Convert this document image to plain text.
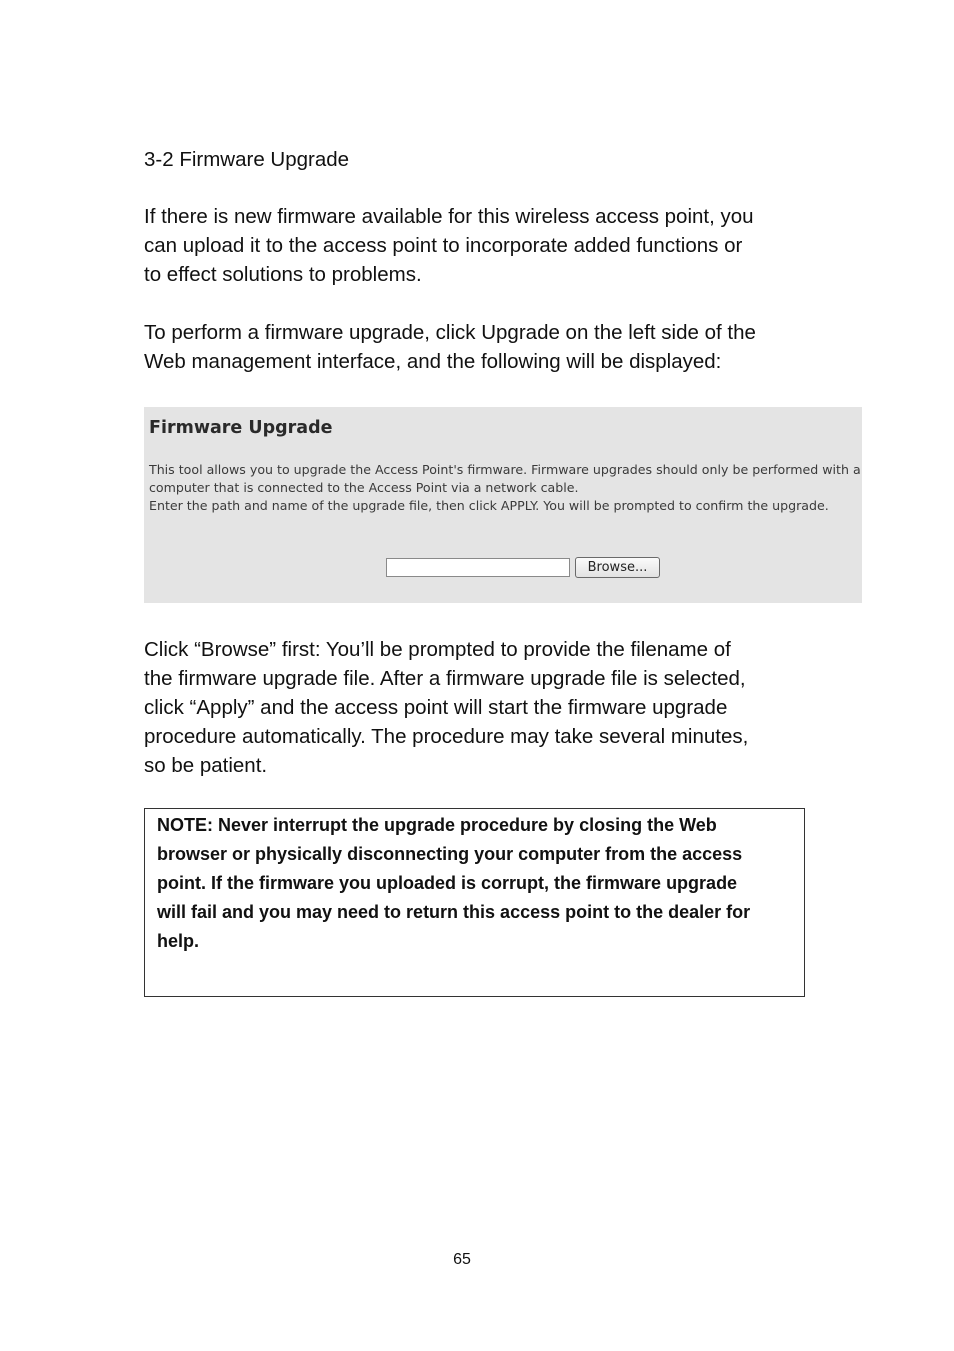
3-2 Firmware Upgrade

If there is new firmware available for this wireless access point, you

can upload it to the access point to incorporate added functions or

to effect solutions to problems.

To perform a firmware upgrade, click Upgrade on the left side of the

Web management interface, and the following will be displayed:

Firmware Upgrade
This tool allows you to upgrade the Access Point's firmware. Firmware upgrades should only be performed with a
computer that is connected to the Access Point via a network cable.
Enter the path and name of the upgrade file, then click APPLY. You will be prompted to confirm the upgrade.
Browse...

Click “Browse” first: You’ll be prompted to provide the filename of

the firmware upgrade file. After a firmware upgrade file is selected,

click “Apply” and the access point will start the firmware upgrade

procedure automatically. The procedure may take several minutes,

so be patient.

NOTE: Never interrupt the upgrade procedure by closing the Web
browser or physically disconnecting your computer from the access
point. If the firmware you uploaded is corrupt, the firmware upgrade
will fail and you may need to return this access point to the dealer for
help.
65
